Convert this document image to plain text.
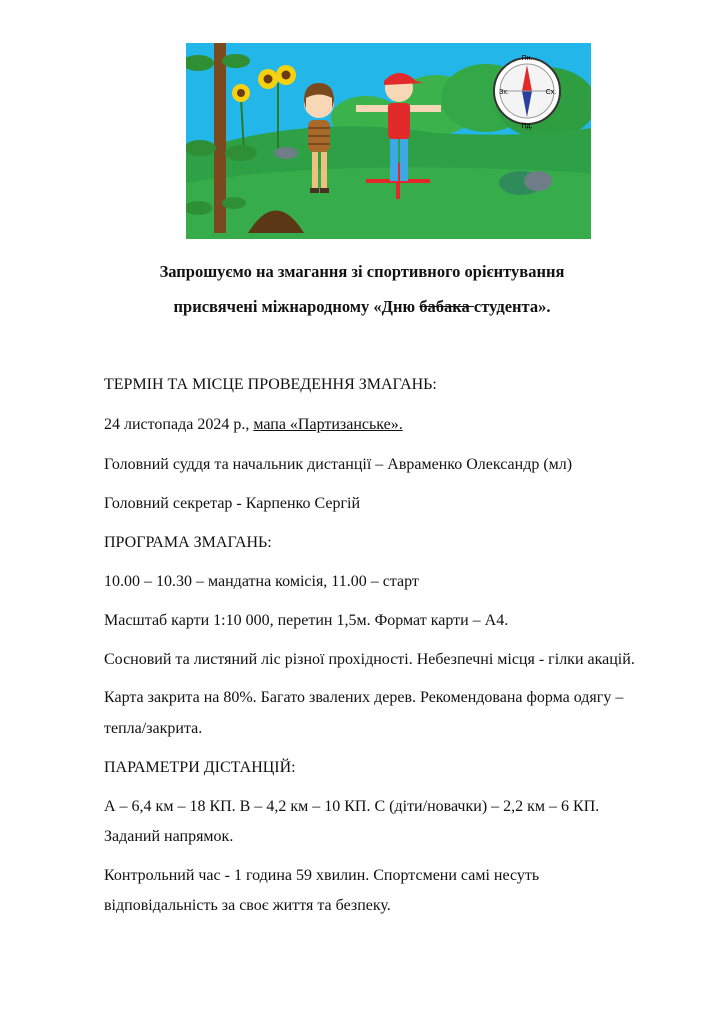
Пн.
Пд.
Зх.	Сх.
Запрошуємо на змагання зі спортивного орієнтування
присвячені міжнародному «Дню бабака студента».
ТЕРМІН ТА МІСЦЕ ПРОВЕДЕННЯ ЗМАГАНЬ:
24 листопада 2024 р., мапа «Партизанське».
Головний суддя та начальник дистанції – Авраменко Олександр (мл)
Головний секретар - Карпенко Сергій
ПРОГРАМА ЗМАГАНЬ:
10.00 – 10.30 – мандатна комісія, 11.00 – старт
Масштаб карти 1:10 000, перетин 1,5м. Формат карти – А4.
Сосновий та листяний ліс різної прохідності. Небезпечні місця - гілки акацій.
Карта закрита на 80%. Багато звалених дерев. Рекомендована форма одягу –
тепла/закрита.
ПАРАМЕТРИ ДІСТАНЦІЙ:
А – 6,4 км – 18 КП. В – 4,2 км – 10 КП. С (діти/новачки) – 2,2 км – 6 КП.
Заданий напрямок.
Контрольний час - 1 година 59 хвилин. Спортсмени самі несуть
відповідальність за своє життя та безпеку.
